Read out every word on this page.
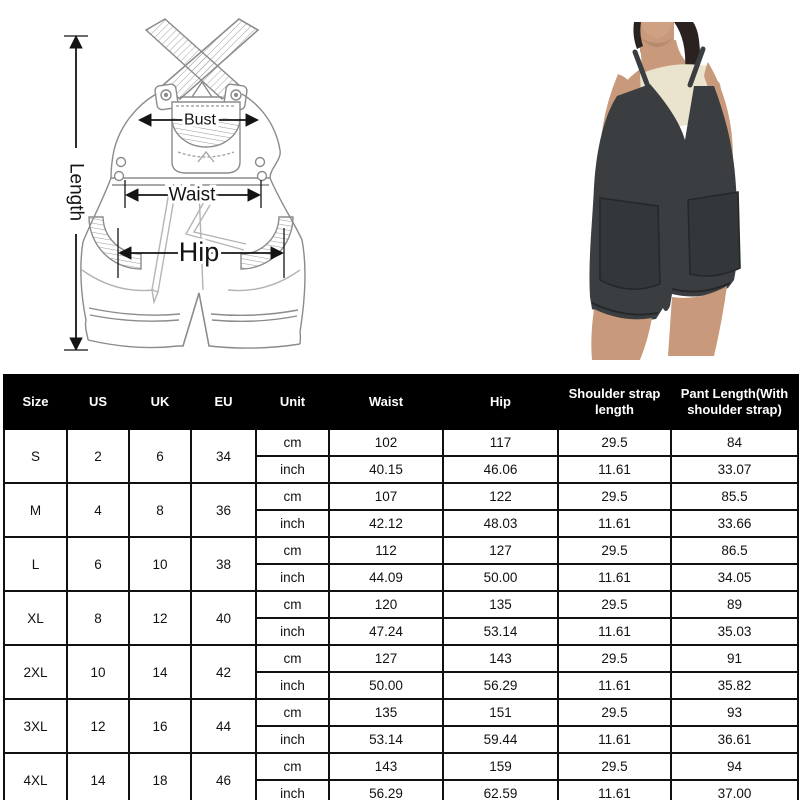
Length
Bust
Waist
Hip
Size	US	UK	EU	Unit	Waist	Hip	Shoulder strap length	Pant Length(With shoulder strap)
S	2	6	34	cm	102	117	29.5	84
				inch	40.15	46.06	11.61	33.07
M	4	8	36	cm	107	122	29.5	85.5
				inch	42.12	48.03	11.61	33.66
L	6	10	38	cm	112	127	29.5	86.5
				inch	44.09	50.00	11.61	34.05
XL	8	12	40	cm	120	135	29.5	89
				inch	47.24	53.14	11.61	35.03
2XL	10	14	42	cm	127	143	29.5	91
				inch	50.00	56.29	11.61	35.82
3XL	12	16	44	cm	135	151	29.5	93
				inch	53.14	59.44	11.61	36.61
4XL	14	18	46	cm	143	159	29.5	94
				inch	56.29	62.59	11.61	37.00
